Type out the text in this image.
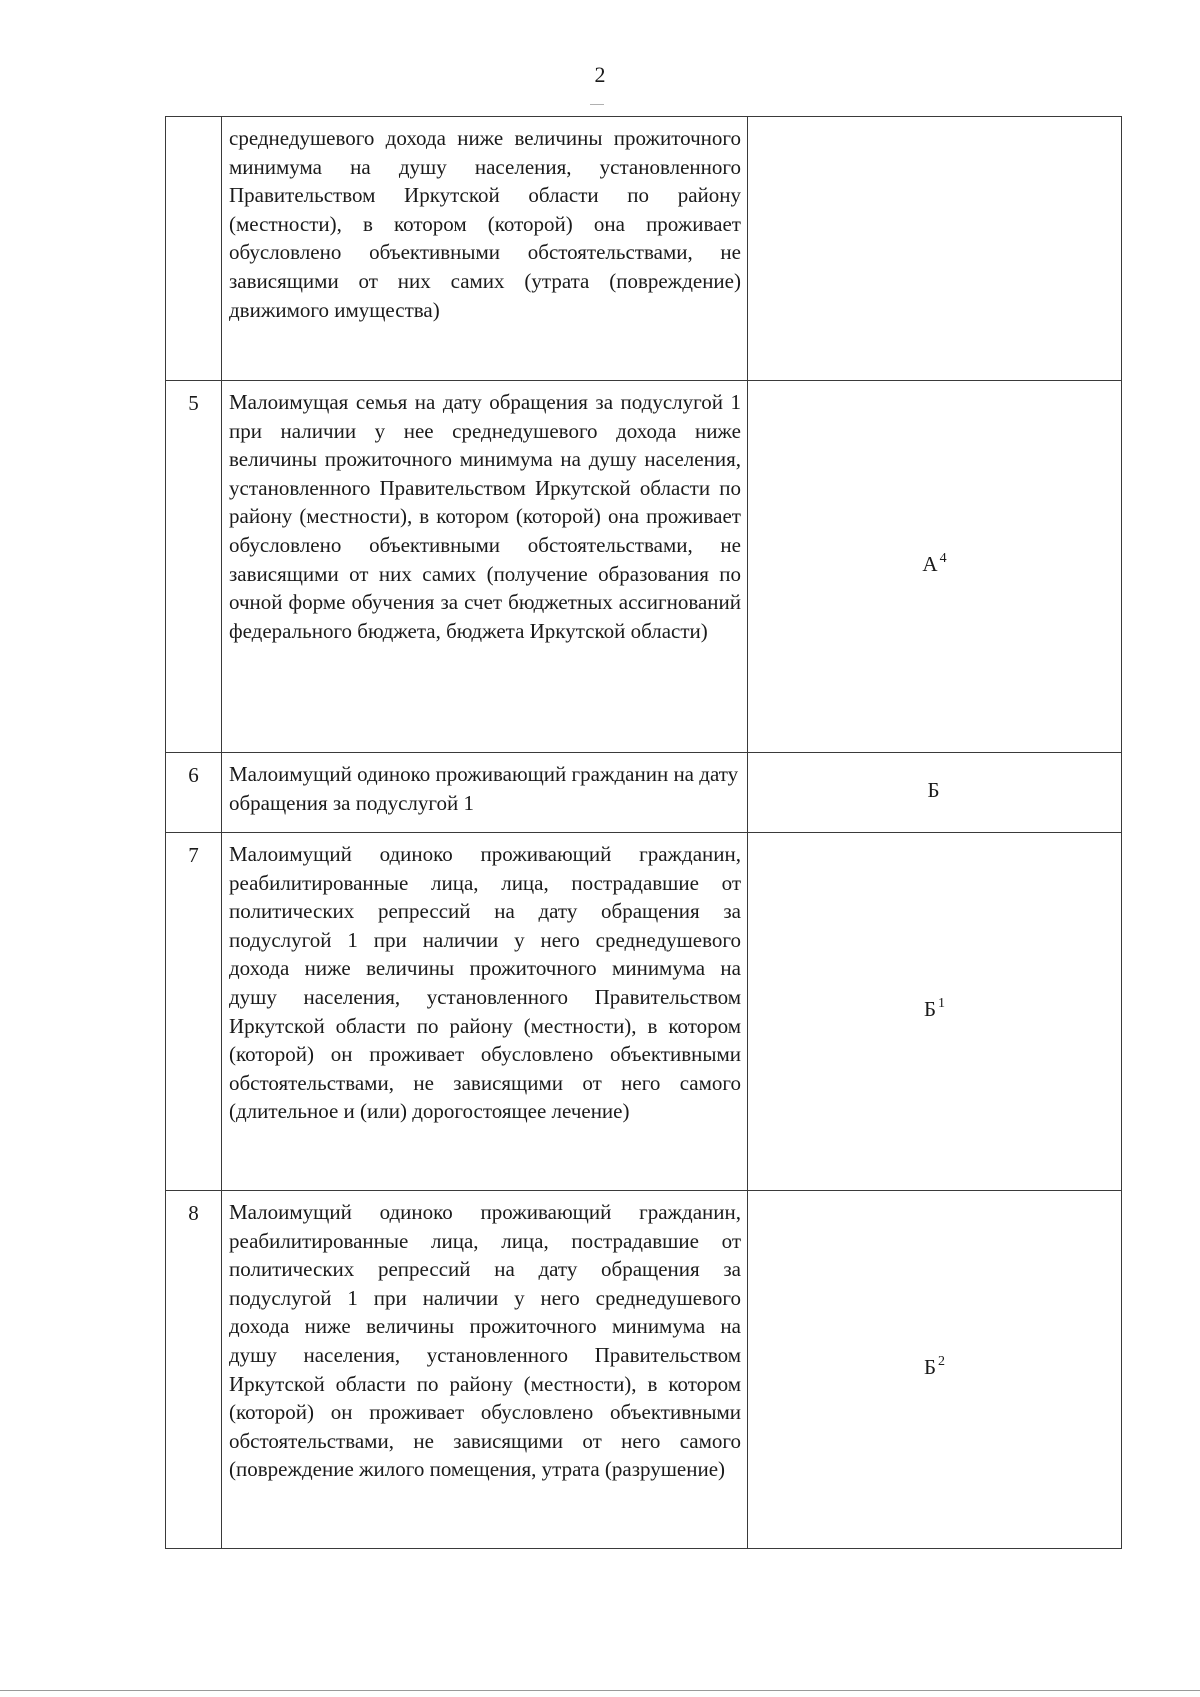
2

	среднедушевого дохода ниже величины прожиточного минимума на душу населения, установленного Правительством Иркутской области по району (местности), в котором (которой) она проживает обусловлено объективными обстоятельствами, не зависящими от них самих (утрата (повреждение) движимого имущества)	

5	Малоимущая семья на дату обращения за подуслугой 1 при наличии у нее среднедушевого дохода ниже величины прожиточного минимума на душу населения, установленного Правительством Иркутской области по району (местности), в котором (которой) она проживает обусловлено объективными обстоятельствами, не зависящими от них самих (получение образования по очной форме обучения за счет бюджетных ассигнований федерального бюджета, бюджета Иркутской области)	А $^4$
6	Малоимущий одиноко проживающий гражданин на дату обращения за подуслугой 1	Б
7	Малоимущий одиноко проживающий гражданин, реабилитированные лица, лица, пострадавшие от политических репрессий на дату обращения за подуслугой 1 при наличии у него среднедушевого дохода ниже величины прожиточного минимума на душу населения, установленного Правительством Иркутской области по району (местности), в котором (которой) он проживает обусловлено объективными обстоятельствами, не зависящими от него самого (длительное и (или) дорогостоящее лечение)	Б $^1$
8	Малоимущий одиноко проживающий гражданин, реабилитированные лица, лица, пострадавшие от политических репрессий на дату обращения за подуслугой 1 при наличии у него среднедушевого дохода ниже величины прожиточного минимума на душу населения, установленного Правительством Иркутской области по району (местности), в котором (которой) он проживает обусловлено объективными обстоятельствами, не зависящими от него самого (повреждение жилого помещения, утрата (разрушение)	Б $^2$
